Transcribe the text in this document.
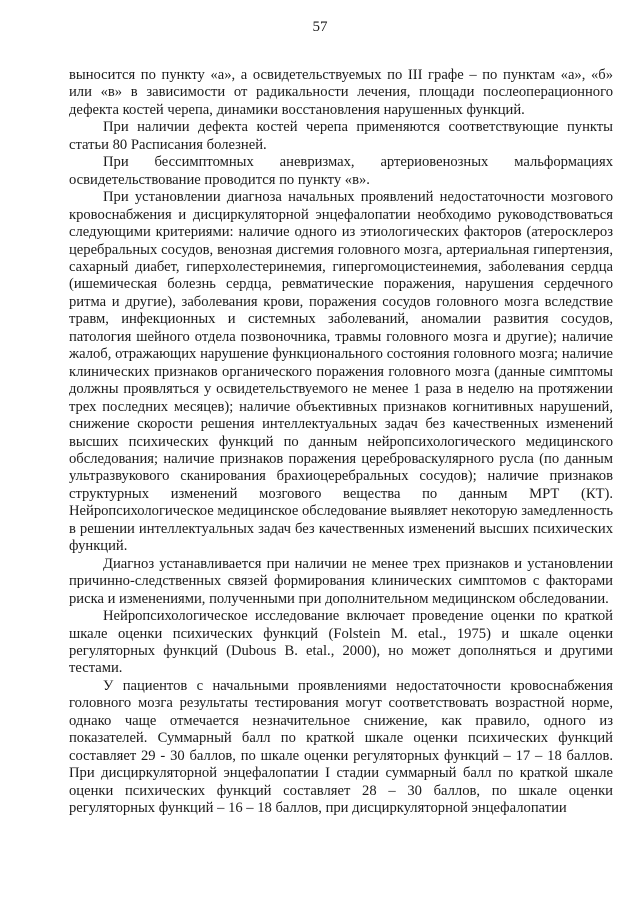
57

выносится по пункту «а», а освидетельствуемых по III графе – по пунктам «а», «б» или «в» в зависимости от радикальности лечения, площади послеоперационного дефекта костей черепа, динамики восстановления нарушенных функций.

При наличии дефекта костей черепа применяются соответствующие пункты статьи 80 Расписания болезней.

При бессимптомных аневризмах, артериовенозных мальформациях освидетельствование проводится по пункту «в».

При установлении диагноза начальных проявлений недостаточности мозгового кровоснабжения и дисциркуляторной энцефалопатии необходимо руководствоваться следующими критериями: наличие одного из этиологических факторов (атеросклероз церебральных сосудов, венозная дисгемия головного мозга, артериальная гипертензия, сахарный диабет, гиперхолестеринемия, гипергомоцистеинемия, заболевания сердца (ишемическая болезнь сердца, ревматические поражения, нарушения сердечного ритма и другие), заболевания крови, поражения сосудов головного мозга вследствие травм, инфекционных и системных заболеваний, аномалии развития сосудов, патология шейного отдела позвоночника, травмы головного мозга и другие); наличие жалоб, отражающих нарушение функционального состояния головного мозга; наличие клинических признаков органического поражения головного мозга (данные симптомы должны проявляться у освидетельствуемого не менее 1 раза в неделю на протяжении трех последних месяцев); наличие объективных признаков когнитивных нарушений, снижение скорости решения интеллектуальных задач без качественных изменений высших психических функций по данным нейропсихологического медицинского обследования; наличие признаков поражения цереброваскулярного русла (по данным ультразвукового сканирования брахиоцеребральных сосудов); наличие признаков структурных изменений мозгового вещества по данным МРТ (КТ). Нейропсихологическое медицинское обследование выявляет некоторую замедленность в решении интеллектуальных задач без качественных изменений высших психических функций.

Диагноз устанавливается при наличии не менее трех признаков и установлении причинно-следственных связей формирования клинических симптомов с факторами риска и изменениями, полученными при дополнительном медицинском обследовании.

Нейропсихологическое исследование включает проведение оценки по краткой шкале оценки психических функций (Folstein M. etal., 1975) и шкале оценки регуляторных функций (Dubous B. etal., 2000), но может дополняться и другими тестами.

У пациентов с начальными проявлениями недостаточности кровоснабжения головного мозга результаты тестирования могут соответствовать возрастной норме, однако чаще отмечается незначительное снижение, как правило, одного из показателей. Суммарный балл по краткой шкале оценки психических функций составляет 29 - 30 баллов, по шкале оценки регуляторных функций – 17 – 18 баллов. При дисциркуляторной энцефалопатии I стадии суммарный балл по краткой шкале оценки психических функций составляет 28 – 30 баллов, по шкале оценки регуляторных функций – 16 – 18 баллов, при дисциркуляторной энцефалопатии
